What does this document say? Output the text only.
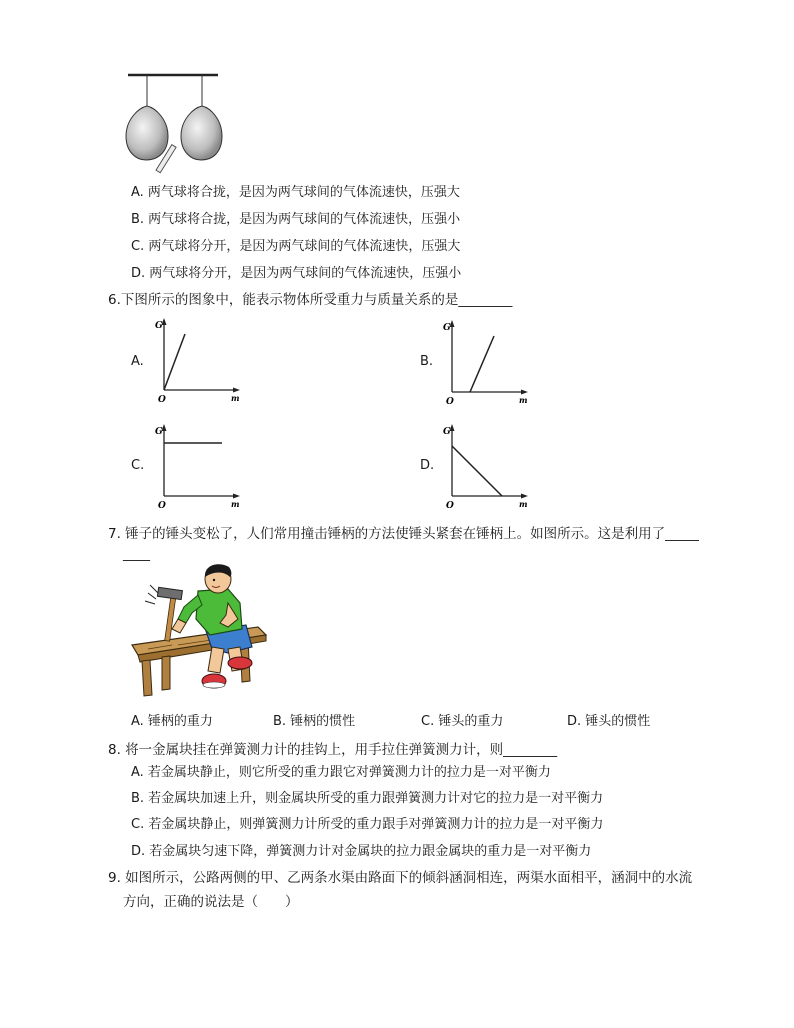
A. 两气球将合拢，是因为两气球间的气体流速快，压强大
B. 两气球将合拢，是因为两气球间的气体流速快，压强小
C. 两气球将分开，是因为两气球间的气体流速快，压强大
D. 两气球将分开，是因为两气球间的气体流速快，压强小
6.下图所示的图象中，能表示物体所受重力与质量关系的是________
A.
G
O	m
B.
G
O	m
C.
G
O	m
D.
G
O	m
7. 锤子的锤头变松了，人们常用撞击锤柄的方法使锤头紧套在锤柄上。如图所示。这是利用了_____
____
A. 锤柄的重力	B. 锤柄的惯性	C. 锤头的重力	D. 锤头的惯性
8. 将一金属块挂在弹簧测力计的挂钩上，用手拉住弹簧测力计，则________
A. 若金属块静止，则它所受的重力跟它对弹簧测力计的拉力是一对平衡力
B. 若金属块加速上升，则金属块所受的重力跟弹簧测力计对它的拉力是一对平衡力
C. 若金属块静止，则弹簧测力计所受的重力跟手对弹簧测力计的拉力是一对平衡力
D. 若金属块匀速下降，弹簧测力计对金属块的拉力跟金属块的重力是一对平衡力
9. 如图所示，公路两侧的甲、乙两条水渠由路面下的倾斜涵洞相连，两渠水面相平，涵洞中的水流
方向，正确的说法是（　　）
